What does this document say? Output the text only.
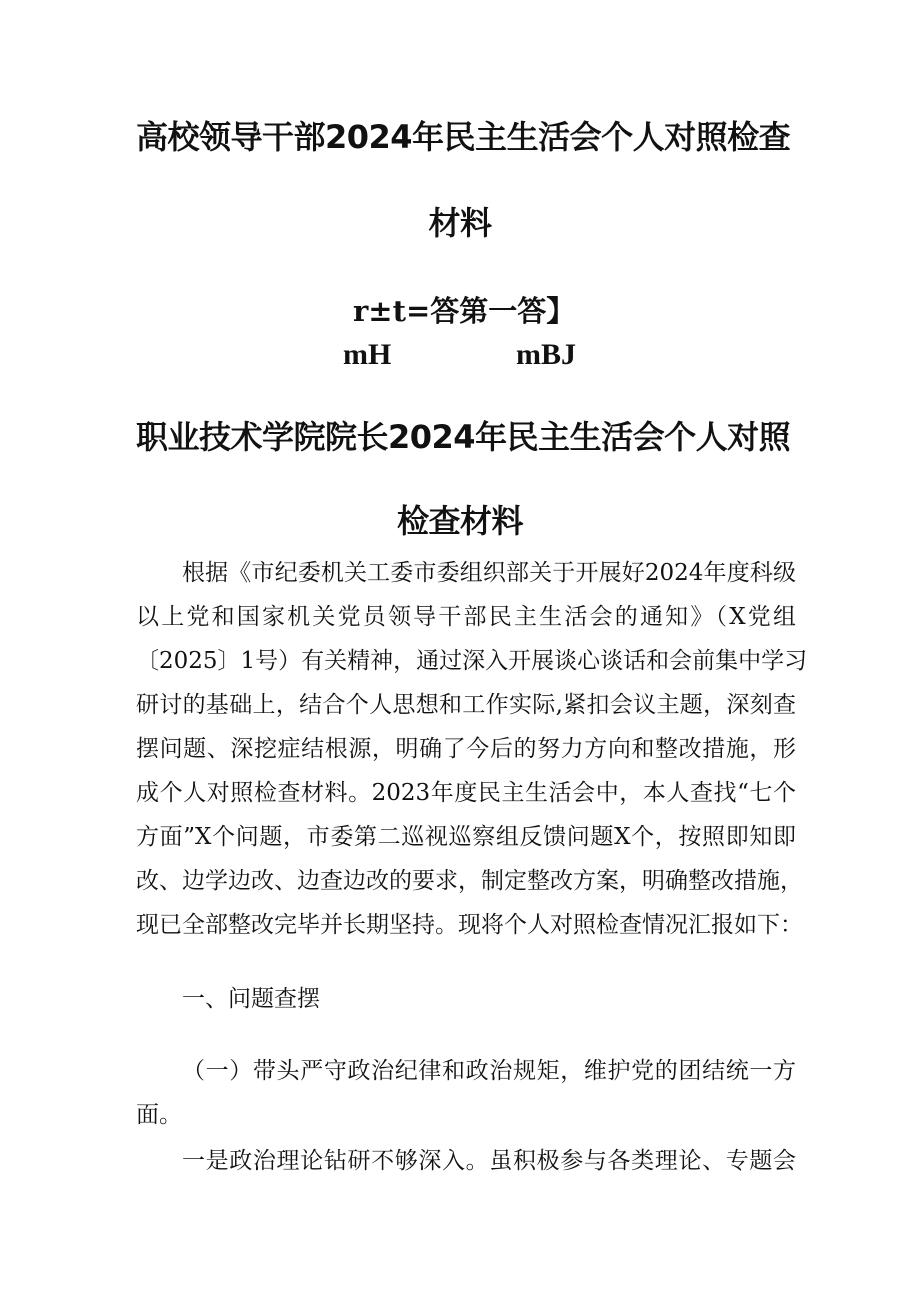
高校领导干部2024年民主生活会个人对照检查
材料
r±t=答第一答】
mH	mBJ
职业技术学院院长2024年民主生活会个人对照
检查材料
根据《市纪委机关工委市委组织部关于开展好2024年度科级
以上党和国家机关党员领导干部民主生活会的通知》（X党组
〔2025〕1号）有关精神，通过深入开展谈心谈话和会前集中学习
研讨的基础上，结合个人思想和工作实际,紧扣会议主题，深刻查
摆问题、深挖症结根源，明确了今后的努力方向和整改措施，形
成个人对照检查材料。2023年度民主生活会中，本人查找“七个
方面”X个问题，市委第二巡视巡察组反馈问题X个，按照即知即
改、边学边改、边查边改的要求，制定整改方案，明确整改措施，
现已全部整改完毕并长期坚持。现将个人对照检查情况汇报如下：
一、问题查摆
（一）带头严守政治纪律和政治规矩，维护党的团结统一方
面。
一是政治理论钻研不够深入。虽积极参与各类理论、专题会
